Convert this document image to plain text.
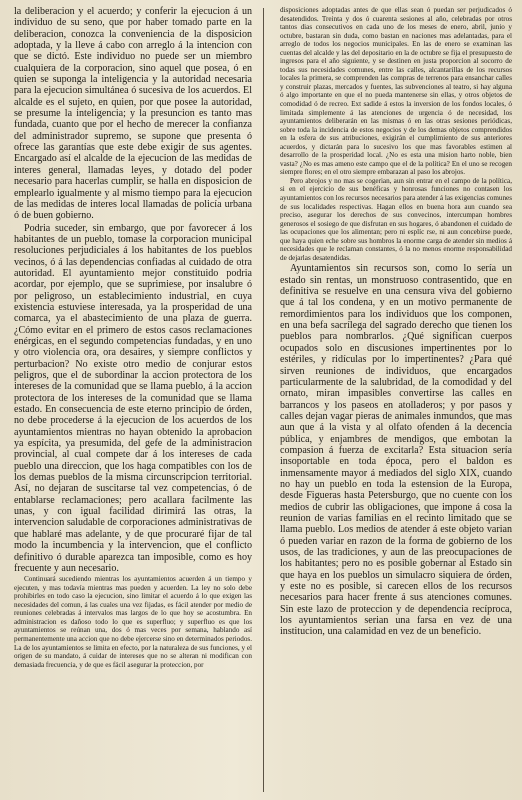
la deliberacion y el acuerdo; y conferir la ejecucion á un individuo de su seno, que por haber tomado parte en la deliberacion, conozca la conveniencia de la disposicion adoptada, y la lleve á cabo con arreglo á la intencion con que se dictó. Este individuo no puede ser un miembro cualquiera de la corporacion, sino aquel que posea, ó en quien se suponga la inteligencia y la autoridad necesaria para la ejecucion simultánea ó sucesiva de los acuerdos. El alcalde es el sujeto, en quien, por que posee la autoridad, se presume la inteligencia; y la presuncion es tanto mas fundada, cuanto que por el hecho de merecer la confianza del administrador supremo, se supone que presenta ó ofrece las garantías que este debe exigir de sus agentes. Encargado así el alcalde de la ejecucion de las medidas de interes general, llamadas leyes, y dotado del poder necesario para hacerlas cumplir, se halla en disposicion de emplearlo igualmente y al mismo tiempo para la ejecucion de las medidas de interes local llamadas de policía urbana ó de buen gobierno.

Podria suceder, sin embargo, que por favorecer á los habitantes de un pueblo, tomase la corporacion municipal resoluciones perjudiciales á los habitantes de los pueblos vecinos, ó á las dependencias confiadas al cuidado de otra autoridad. El ayuntamiento mejor constituido podria acordar, por ejemplo, que se suprimiese, por insalubre ó por peligroso, un establecimiento industrial, en cuya existencia estuviese interesada, ya la prosperidad de una comarca, ya el abastecimiento de una plaza de guerra. ¿Cómo evitar en el primero de estos casos reclamaciones enérgicas, en el segundo competencias fundadas, y en uno y otro violencia ora, ora desaires, y siempre conflictos y perturbacion? No existe otro medio de conjurar estos peligros, que el de subordinar la accion protectora de los intereses de la comunidad que se llama pueblo, á la accion protectora de los intereses de la comunidad que se llama estado. En consecuencia de este eterno principio de órden, no debe procederse á la ejecucion de los acuerdos de los ayuntamientos mientras no hayan obtenido la aprobacion ya espícita, ya presumida, del gefe de la administracion provincial, al cual compete dar á los intereses de cada pueblo una direccion, que los haga compatibles con los de los demas pueblos de la misma circunscripcion territorial. Así, no dejaran de suscitarse tal vez competencias, ó de entablarse reclamaciones; pero acallara facilmente las unas, y con igual facilidad dirimirá las otras, la intervencion saludable de corporaciones administrativas de que hablaré mas adelante, y de que procuraré fijar de tal modo la incumbencia y la intervencion, que el conflicto definitivo ó durable aparezca tan imposible, como es hoy frecuente y aun necesario.

Continuará sucediendo mientras los ayuntamientos acuerden á un tiempo y ejecuten, y mas todavía mientras mas pueden y acuerden. La ley no solo debe prohibirles en todo caso la ejecucion, sino limitar el acuerdo á lo que exigen las necesidades del comun, á las cuales una vez fijadas, es fácil atender por medio de reuniones celebradas á intervalos mas largos de lo que hoy se acostumbra. En administracion es dañoso todo lo que es superfluo; y superfluo es que los ayuntamientos se reúnan una, dos ó mas veces por semana, hablando así permanentemente una accion que no debe ejercerse sino en determinados periodos. La de los ayuntamientos se limita en efecto, por la naturaleza de sus funciones, y el origen de su mandato, á cuidar de intereses que no se alteran ni modifican con demasiada frecuencia, y de que es fácil asegurar la proteccion, por

disposiciones adoptadas antes de que ellas sean ó puedan ser perjudicados ó desatendidos. Treinta y dos ó cuarenta sesiones al año, celebradas por otros tantos dias consecutivos en cada uno de los meses de enero, abril, junio y octubre, bastaran sin duda, como bastan en naciones mas adelantadas, para el arreglo de todos los negocios municipales. En las de enero se examinan las cuentas del alcalde y las del depositario en la de octubre se fija el presupuesto de ingresos para el año siguiente, y se destinen en justa proporcion al socorro de todas sus necesidades comunes, entre las calles, alcantarillas de los recursos locales la primera, se comprenden las compras de terrenos para ensanchar calles y construir plazas, mercados y fuentes, las subvenciones al teatro, si hay alguna ó algo importante en que el no pueda mantenerse sin ellas, y otros objetos de comodidad ó de recreo. Ext sadide á estos la inversion de los fondos locales, ó limitada simplemente á las atenciones de urgencia ó de necesidad, los ayuntamientos deliberarán en las mismas ó en las otras sesiones periódicas, sobre toda la incidencia de estos negocios y de los demas objetos comprendidos en la esfera de sus atribuciones, exigirán el cumplimiento de sus anteriores acuerdos, y dictarán para lo sucesivo los que mas favorables estimen al desarrollo de la prosperidad local. ¿No es esta una mision harto noble, bien vasta? ¿No es mas ameno este campo que el de la política? En el uno se recogen siempre flores; en el otro siempre embarazan al paso los abrojos.

Pero abrojos y no mas se cogerian, aun sin entrar en el campo de la política, si en el ejercicio de sus benéficas y honrosas funciones no contasen los ayuntamientos con los recursos necesarios para atender á las exigencias comunes de sus localidades respectivas. Hagan ellos en buena hora aun cuando sea preciso, asegurar los derechos de sus convecinos, intercumpan hombres generosos el sosiego de que disfrutan en sus hogares, ó abandonen el cuidado de las ocupaciones que los alimentan; pero ni esplíc rse, ni aun concebirse puede, que haya quien eche sobre sus hombros la enorme carga de atender sin medios á necesidades que le reclaman constantes, ó la no menos enorme responsabilidad de dejarlas desatendidas.

Ayuntamientos sin recursos son, como lo sería un estado sin rentas, un monstruoso contrasentido, que en definitiva se resuelve en una censura viva del gobierno que á tal los condena, y en un motivo permanente de remordimientos para los individuos que los componen, en una befa sacrílega del sagrado derecho que tienen los pueblos para nombrarlos. ¿Qué significan cuerpos ocupados solo en discusiones impertinentes por lo estériles, y ridículas por lo impertinentes? ¿Para qué sirven reuniones de individuos, que encargados particularmente de la salubridad, de la comodidad y del ornato, miran impasibles convertirse las calles en barrancos y los paseos en atolladeros; y por pasos y calles dejan vagar pieras de animales inmundos, que mas aun que á la vista y al olfato ofenden á la decencia pública, y enjambres de mendigos, que embotan la compasion á fuerza de excitarla? Esta situacion sería insoportable en toda época, pero el baldon es inmensamente mayor á mediados del siglo XIX, cuando no hay un pueblo en toda la estension de la Europa, desde Figueras hasta Petersburgo, que no cuente con los medios de cubrir las obligaciones, que impone á cosa la reunion de varias familias en el recinto limitado que se llama pueblo. Los medios de atender á este objeto varian ó pueden variar en razon de la forma de gobierno de los usos, de las tradiciones, y aun de las preocupaciones de los habitantes; pero no es posible gobernar al Estado sin que haya en los pueblos un simulacro siquiera de órden, y este no es posible, si carecen ellos de los recursos necesarios para hacer frente á sus atenciones comunes. Sin este lazo de proteccion y de dependencia recíproca, los ayuntamientos serian una farsa en vez de una institucion, una calamidad en vez de un beneficio.
